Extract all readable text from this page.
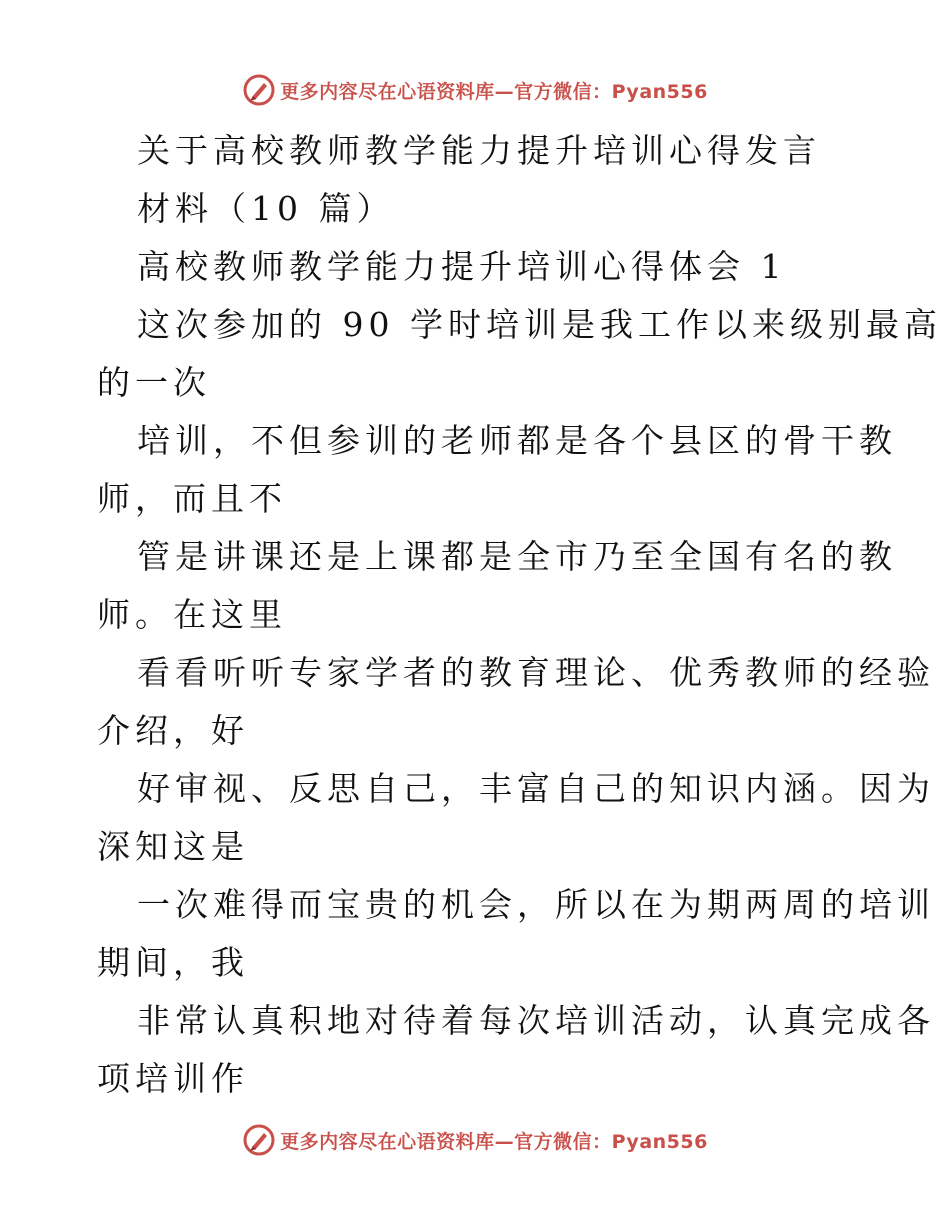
更多内容尽在心语资料库—官方微信：Pyan556
关于高校教师教学能力提升培训心得发言
材料（10 篇）
高校教师教学能力提升培训心得体会 1
这次参加的 90 学时培训是我工作以来级别最高
的一次
培训，不但参训的老师都是各个县区的骨干教
师，而且不
管是讲课还是上课都是全市乃至全国有名的教
师。在这里
看看听听专家学者的教育理论、优秀教师的经验
介绍，好
好审视、反思自己，丰富自己的知识内涵。因为
深知这是
一次难得而宝贵的机会，所以在为期两周的培训
期间，我
非常认真积地对待着每次培训活动，认真完成各
项培训作
更多内容尽在心语资料库—官方微信：Pyan556
